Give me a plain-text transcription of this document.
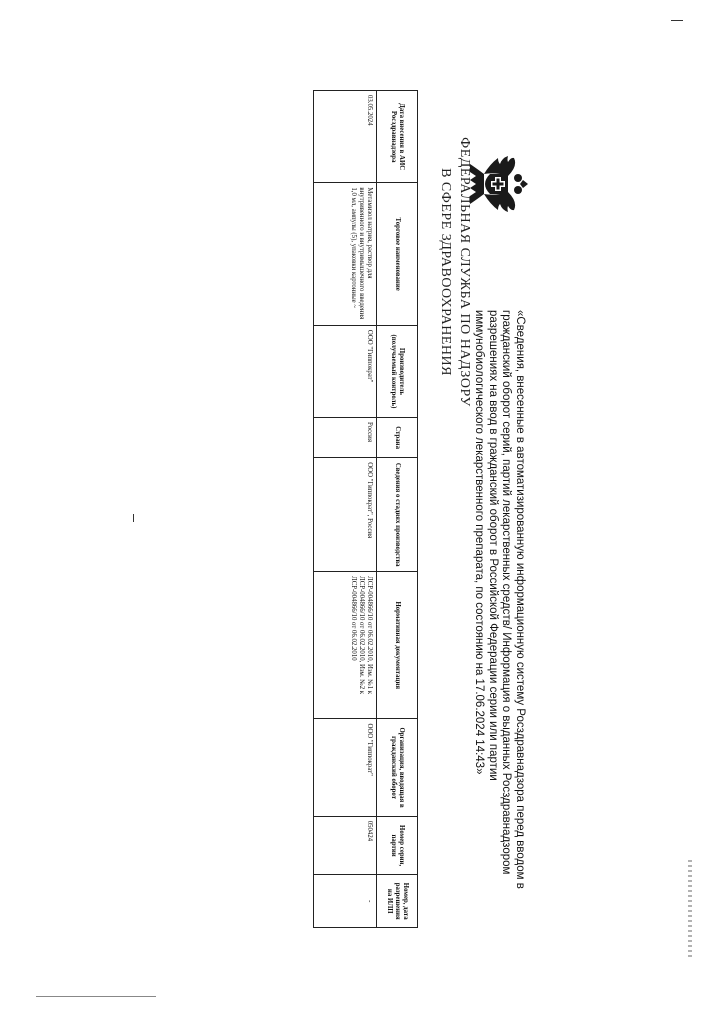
ФЕДЕРАЛЬНАЯ СЛУЖБА ПО НАДЗОРУ
В СФЕРЕ ЗДРАВООХРАНЕНИЯ
«Сведения, внесенные в автоматизированную информационную систему Росздравнадзора перед вводом в гражданский оборот серий, партий лекарственных средств/ Информация о выданных Росздравнадзором разрешениях на ввод в гражданский оборот в Российской Федерации серии или партии иммунобиологического лекарственного препарата, по состоянию на 17.06.2024 14:43»
Дата внесения в АИС Росздравнадзора	Торговое наименование	Производитель (получаемый контроль)	Страна	Сведения о стадиях производства	Нормативная документация	Организация, вводящая в гражданский оборот	Номер серии, партии	Номер, дата разрешения на ИЛП
03.05.2024	Метамизол натрия, раствор для внутривенного и внутримышечного введения 1,0 мл, ампулы (5), упаковки картонные ~	ООО "Гиппократ"	Россия	ООО "Гиппократ", Россия	ЛСР-004866/10 от 06.02.2010, Изм. №1 к ЛСР-004866/10 от 06.02.2010, Изм. №2 к ЛСР-004866/10 от 06.02.2010	ООО "Гиппократ"	050424	-
